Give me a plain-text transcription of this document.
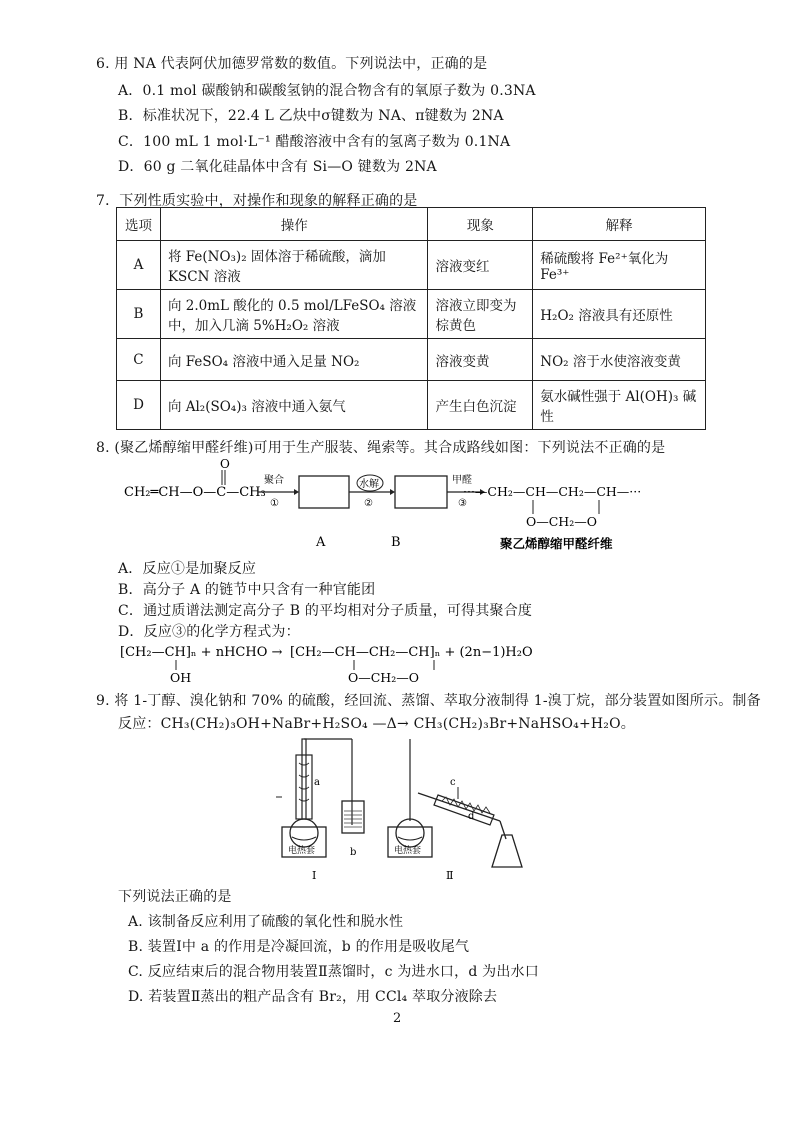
6. 用 NA 代表阿伏加德罗常数的数值。下列说法中，正确的是
A．0.1 mol 碳酸钠和碳酸氢钠的混合物含有的氧原子数为 0.3NA
B．标准状况下，22.4 L 乙炔中σ键数为 NA、π键数为 2NA
C．100 mL 1 mol·L⁻¹ 醋酸溶液中含有的氢离子数为 0.1NA
D．60 g 二氧化硅晶体中含有 Si—O 键数为 2NA
7．下列性质实验中，对操作和现象的解释正确的是
选项	操作	现象	解释
A	将 Fe(NO₃)₂ 固体溶于稀硫酸，滴加 KSCN 溶液	溶液变红	稀硫酸将 Fe²⁺氧化为 Fe³⁺
B	向 2.0mL 酸化的 0.5 mol/LFeSO₄ 溶液中，加入几滴 5%H₂O₂ 溶液	溶液立即变为棕黄色	H₂O₂ 溶液具有还原性
C	向 FeSO₄ 溶液中通入足量 NO₂	溶液变黄	NO₂ 溶于水使溶液变黄
D	向 Al₂(SO₄)₃ 溶液中通入氨气	产生白色沉淀	氨水碱性强于 Al(OH)₃ 碱性
8. (聚乙烯醇缩甲醛纤维)可用于生产服装、绳索等。其合成路线如图：下列说法不正确的是
CH₂═CH—O—C—CH₃
O
聚合
①
水解
②
甲醛
③
···—CH₂—CH—CH₂—CH—···
O—CH₂—O
A	B	聚乙烯醇缩甲醛纤维
A．反应①是加聚反应
B．高分子 A 的链节中只含有一种官能团
C．通过质谱法测定高分子 B 的平均相对分子质量，可得其聚合度
D．反应③的化学方程式为：
[CH₂—CH]ₙ + nHCHO →
OH
[CH₂—CH—CH₂—CH]ₙ + (2n−1)H₂O
O—CH₂—O
9. 将 1-丁醇、溴化钠和 70% 的硫酸，经回流、蒸馏、萃取分液制得 1-溴丁烷，部分装置如图所示。制备
反应：CH₃(CH₂)₃OH+NaBr+H₂SO₄ —Δ→ CH₃(CH₂)₃Br+NaHSO₄+H₂O。
电热套
a
b
Ⅰ
c
d
电热套
Ⅱ
下列说法正确的是
A. 该制备反应利用了硫酸的氧化性和脱水性
B. 装置Ⅰ中 a 的作用是冷凝回流，b 的作用是吸收尾气
C. 反应结束后的混合物用装置Ⅱ蒸馏时，c 为进水口，d 为出水口
D. 若装置Ⅱ蒸出的粗产品含有 Br₂，用 CCl₄ 萃取分液除去
2
